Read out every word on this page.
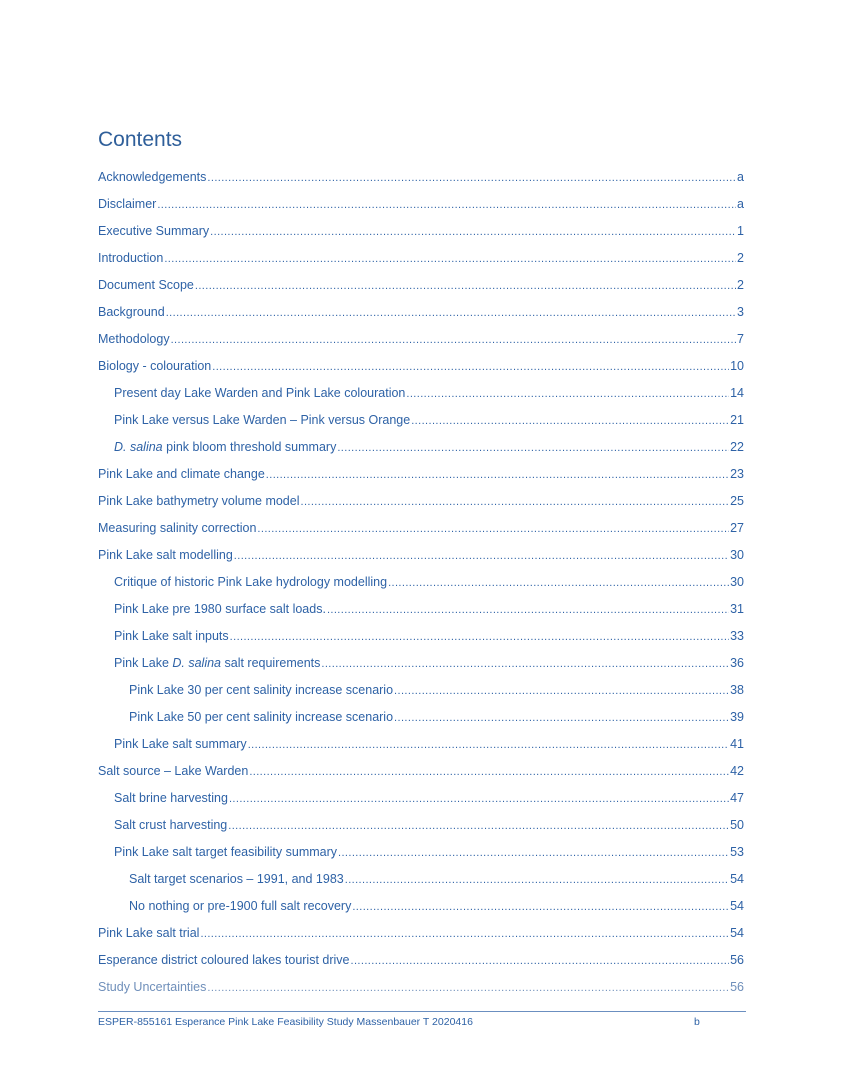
Contents
Acknowledgements .....	a
Disclaimer .....	a
Executive Summary .....	1
Introduction .....	2
Document Scope .....	2
Background .....	3
Methodology .....	7
Biology - colouration .....	10
Present day Lake Warden and Pink Lake colouration .....	14
Pink Lake versus Lake Warden – Pink versus Orange .....	21
D. salina pink bloom threshold summary .....	22
Pink Lake and climate change .....	23
Pink Lake bathymetry volume model .....	25
Measuring salinity correction .....	27
Pink Lake salt modelling .....	30
Critique of historic Pink Lake hydrology modelling .....	30
Pink Lake pre 1980 surface salt loads. .....	31
Pink Lake salt inputs .....	33
Pink Lake D. salina salt requirements .....	36
Pink Lake 30 per cent salinity increase scenario .....	38
Pink Lake 50 per cent salinity increase scenario .....	39
Pink Lake salt summary .....	41
Salt source – Lake Warden .....	42
Salt brine harvesting .....	47
Salt crust harvesting .....	50
Pink Lake salt target feasibility summary .....	53
Salt target scenarios – 1991, and 1983 .....	54
No nothing or pre-1900 full salt recovery .....	54
Pink Lake salt trial .....	54
Esperance district coloured lakes tourist drive .....	56
Study Uncertainties .....	56
ESPER-855161 Esperance Pink Lake Feasibility Study Massenbauer T 2020416	b
